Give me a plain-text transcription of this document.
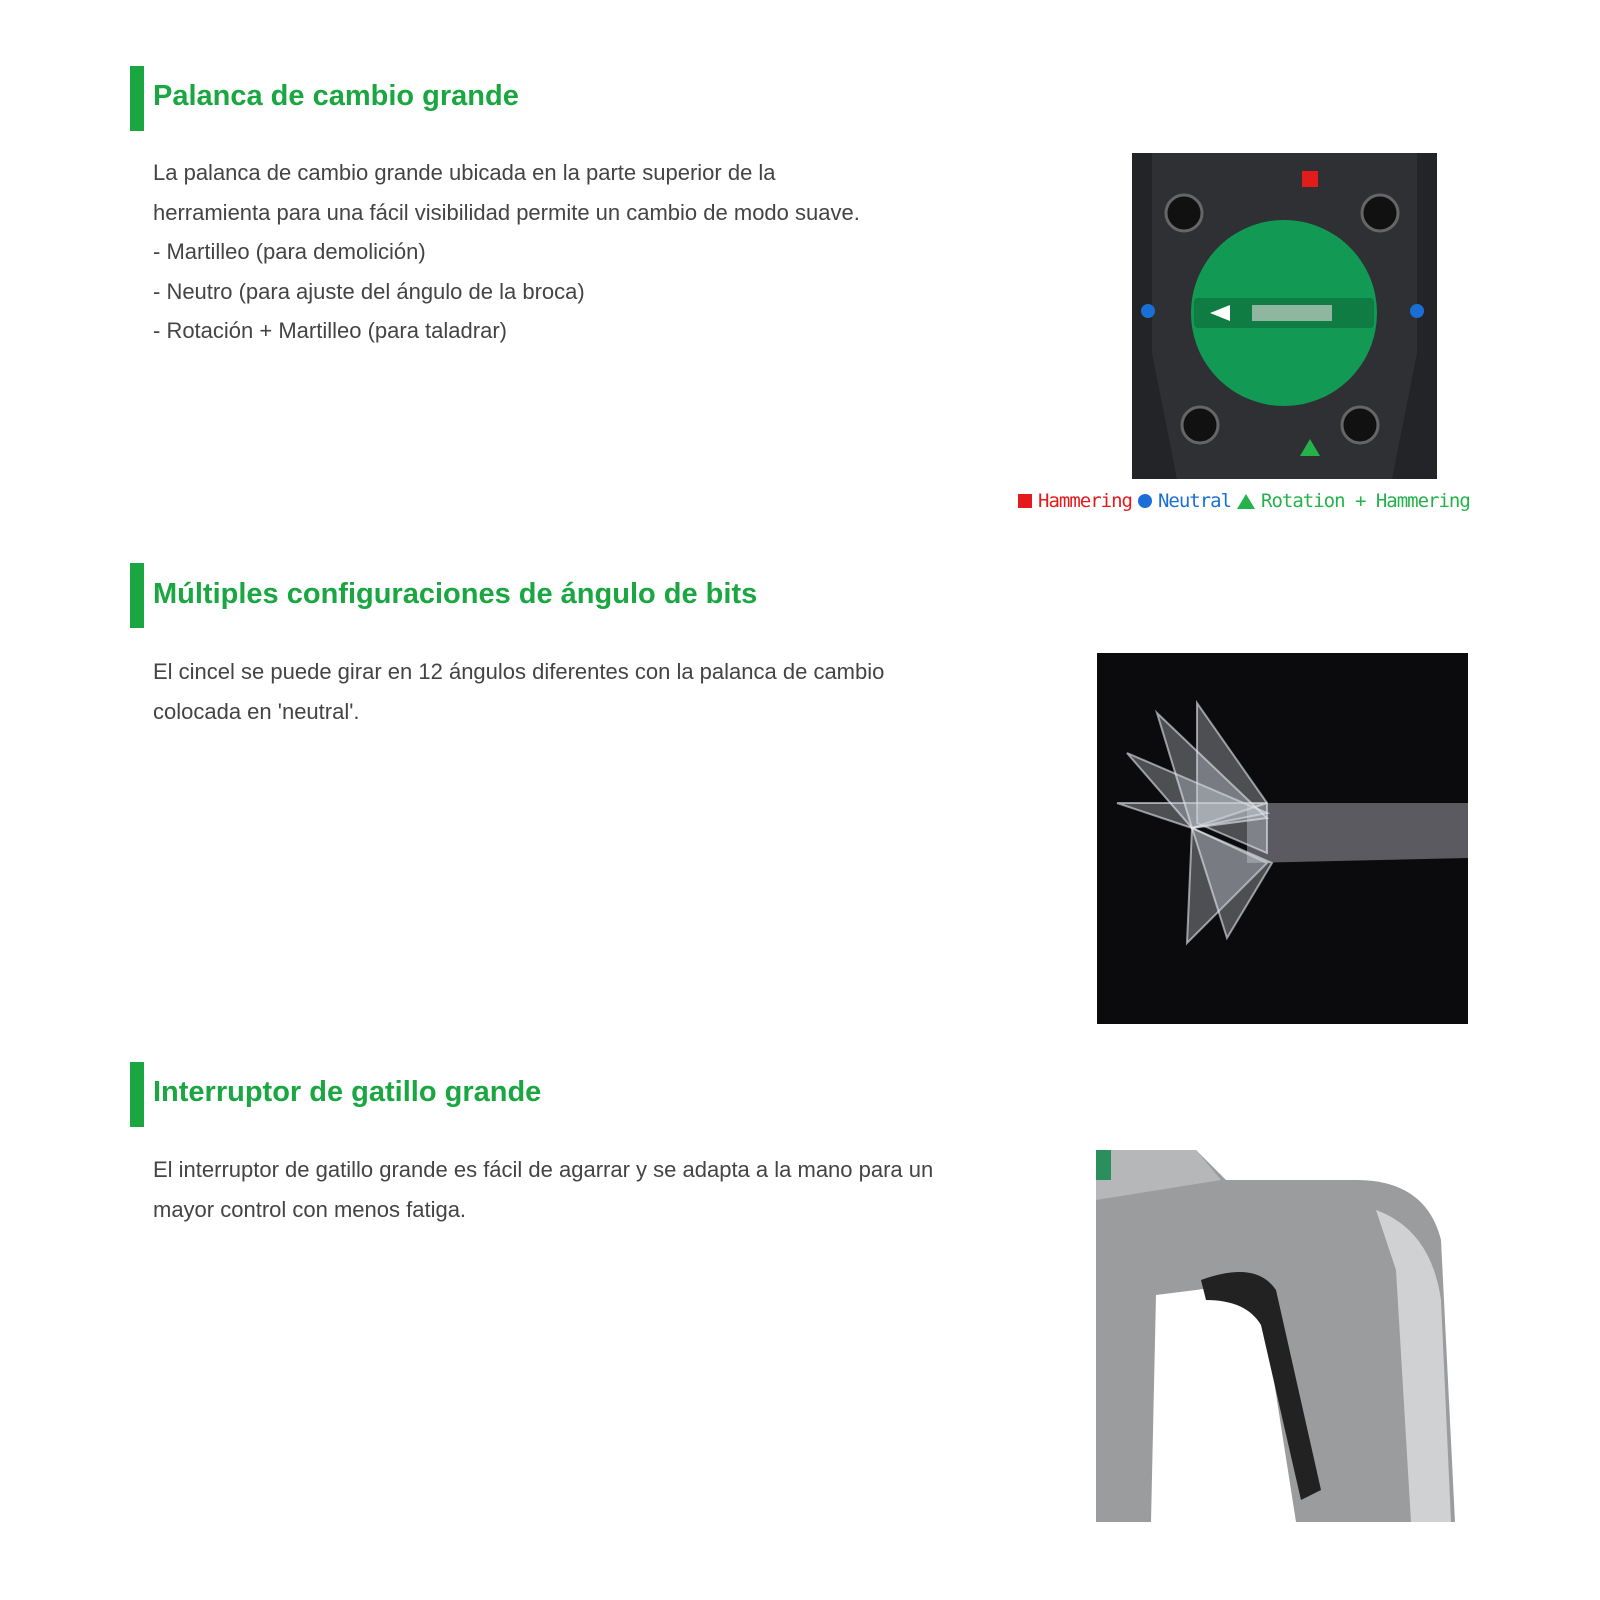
Palanca de cambio grande
La palanca de cambio grande ubicada en la parte superior de la
herramienta para una fácil visibilidad permite un cambio de modo suave.
- Martilleo (para demolición)
- Neutro (para ajuste del ángulo de la broca)
- Rotación + Martilleo (para taladrar)
Hammering Neutral Rotation + Hammering
Múltiples configuraciones de ángulo de bits
El cincel se puede girar en 12 ángulos diferentes con la palanca de cambio
colocada en 'neutral'.
Interruptor de gatillo grande
El interruptor de gatillo grande es fácil de agarrar y se adapta a la mano para un
mayor control con menos fatiga.
